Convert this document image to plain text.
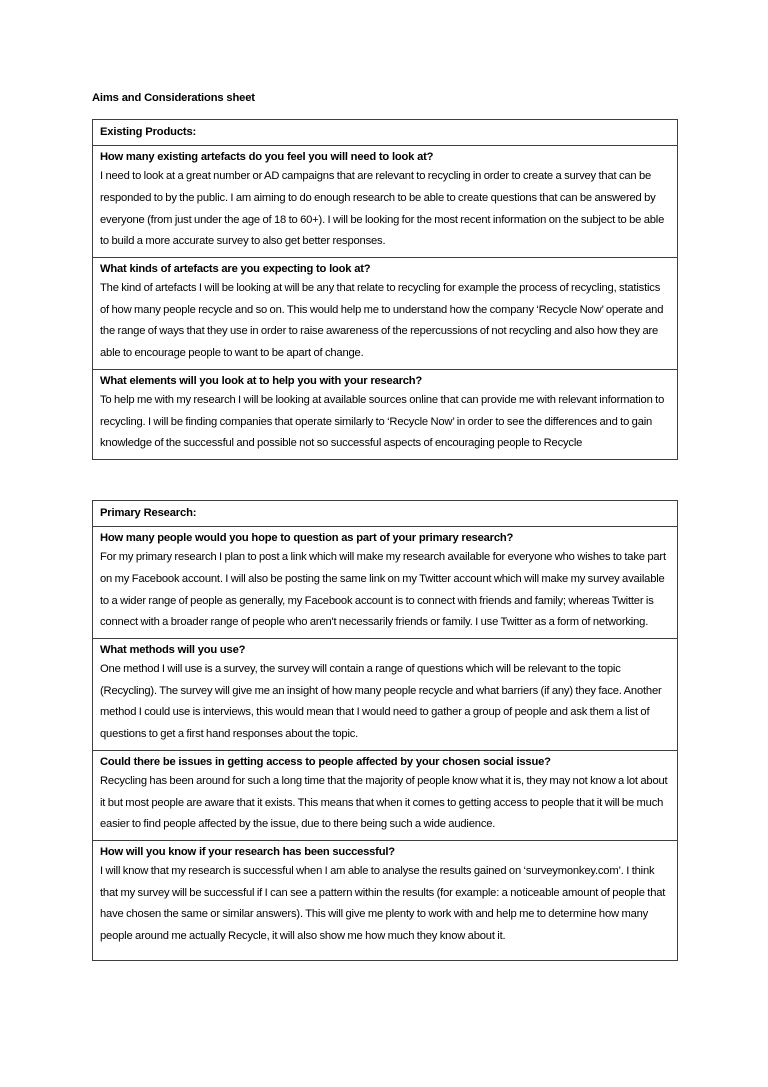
Aims and Considerations sheet

Existing Products:

How many existing artefacts do you feel you will need to look at?

I need to look at a great number or AD campaigns that are relevant to recycling in order to create a survey that can be responded to by the public. I am aiming to do enough research to be able to create questions that can be answered by everyone (from just under the age of 18 to 60+). I will be looking for the most recent information on the subject to be able to build a more accurate survey to also get better responses.

What kinds of artefacts are you expecting to look at?

The kind of artefacts I will be looking at will be any that relate to recycling for example the process of recycling, statistics of how many people recycle and so on. This would help me to understand how the company ‘Recycle Now’ operate and the range of ways that they use in order to raise awareness of the repercussions of not recycling and also how they are able to encourage people to want to be apart of change.

What elements will you look at to help you with your research?

To help me with my research I will be looking at available sources online that can provide me with relevant information to recycling. I will be finding companies that operate similarly to ‘Recycle Now’ in order to see the differences and to gain knowledge of the successful and possible not so successful aspects of encouraging people to Recycle

Primary Research:

How many people would you hope to question as part of your primary research?

For my primary research I plan to post a link which will make my research available for everyone who wishes to take part on my Facebook account. I will also be posting the same link on my Twitter account which will make my survey available to a wider range of people as generally, my Facebook account is to connect with friends and family; whereas Twitter is connect with a broader range of people who aren't necessarily friends or family. I use Twitter as a form of networking.

What methods will you use?

One method I will use is a survey, the survey will contain a range of questions which will be relevant to the topic (Recycling). The survey will give me an insight of how many people recycle and what barriers (if any) they face. Another method I could use is interviews, this would mean that I would need to gather a group of people and ask them a list of questions to get a first hand responses about the topic.

Could there be issues in getting access to people affected by your chosen social issue?

Recycling has been around for such a long time that the majority of people know what it is, they may not know a lot about it but most people are aware that it exists. This means that when it comes to getting access to people that it will be much easier to find people affected by the issue, due to there being such a wide audience.

How will you know if your research has been successful?

I will know that my research is successful when I am able to analyse the results gained on ‘surveymonkey.com’. I think that my survey will be successful if I can see a pattern within the results (for example: a noticeable amount of people that have chosen the same or similar answers). This will give me plenty to work with and help me to determine how many people around me actually Recycle, it will also show me how much they know about it.
